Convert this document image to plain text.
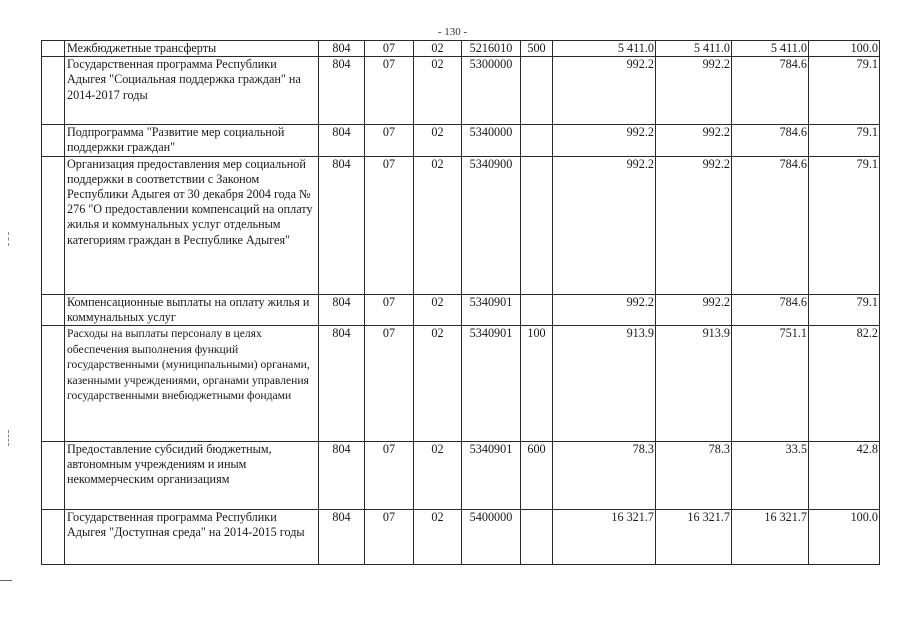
- 130 -
	Межбюджетные трансферты	804	07	02	5216010	500	5 411.0	5 411.0	5 411.0	100.0
	Государственная программа Республики Адыгея "Социальная поддержка граждан" на 2014-2017 годы	804	07	02	5300000		992.2	992.2	784.6	79.1
	Подпрограмма "Развитие мер социальной поддержки граждан"	804	07	02	5340000		992.2	992.2	784.6	79.1
	Организация предоставления мер социальной поддержки в соответствии с Законом Республики Адыгея от 30 декабря 2004 года № 276 "О предоставлении компенсаций на оплату жилья и коммунальных услуг отдельным категориям граждан в Республике Адыгея"	804	07	02	5340900		992.2	992.2	784.6	79.1
	Компенсационные выплаты на оплату жилья и коммунальных услуг	804	07	02	5340901		992.2	992.2	784.6	79.1
	Расходы на выплаты персоналу в целях обеспечения выполнения функций государственными (муниципальными) органами, казенными учреждениями, органами управления государственными внебюджетными фондами	804	07	02	5340901	100	913.9	913.9	751.1	82.2
	Предоставление субсидий бюджетным, автономным учреждениям и иным некоммерческим организациям	804	07	02	5340901	600	78.3	78.3	33.5	42.8
	Государственная программа Республики Адыгея "Доступная среда" на 2014-2015 годы	804	07	02	5400000		16 321.7	16 321.7	16 321.7	100.0
